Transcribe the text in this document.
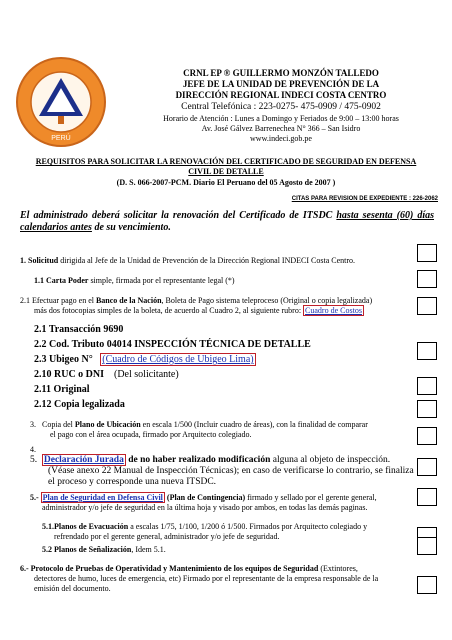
PERÚ
CRNL EP ® GUILLERMO MONZÓN TALLEDO
JEFE DE LA UNIDAD DE PREVENCIÓN DE LA
DIRECCIÓN REGIONAL INDECI COSTA CENTRO
Central Telefónica : 223-0275- 475-0909 / 475-0902
Horario de Atención : Lunes a Domingo y Feriados de 9:00 – 13:00 horas
Av. José Gálvez Barrenechea N° 366 – San Isidro
www.indeci.gob.pe
REQUISITOS PARA SOLICITAR LA RENOVACIÓN DEL CERTIFICADO DE SEGURIDAD EN DEFENSA
CIVIL DE DETALLE
(D. S. 066-2007-PCM. Diario El Peruano del 05 Agosto de 2007 )
CITAS PARA REVISION DE EXPEDIENTE : 226-2062
El administrado deberá solicitar la renovación del Certificado de ITSDC hasta sesenta (60) días calendarios antes de su vencimiento.
1. Solicitud dirigida al Jefe de la Unidad de Prevención de la Dirección Regional INDECI Costa Centro.
1.1 Carta Poder simple, firmada por el representante legal (*)
2.1 Efectuar pago en el Banco de la Nación, Boleta de Pago sistema teleproceso (Original o copia legalizada)
más dos fotocopias simples de la boleta, de acuerdo al Cuadro 2, al siguiente rubro: Cuadro de Costos
2.1 Transacción 9690
2.2 Cod. Tributo 04014 INSPECCIÓN TÉCNICA DE DETALLE
2.3 Ubigeo N° (Cuadro de Códigos de Ubigeo Lima)
2.10 RUC o DNI (Del solicitante)
2.11 Original
2.12 Copia legalizada
3. Copia del Plano de Ubicación en escala 1/500 (Incluir cuadro de áreas), con la finalidad de comparar
el pago con el área ocupada, firmado por Arquitecto colegiado.
4.
5. Declaración Jurada de no haber realizado modificación alguna al objeto de inspección.
(Véase anexo 22 Manual de Inspección Técnicas); en caso de verificarse lo contrario, se finaliza
el proceso y corresponde una nueva ITSDC.
5.- Plan de Seguridad en Defensa Civil (Plan de Contingencia) firmado y sellado por el gerente general,
administrador y/o jefe de seguridad en la última hoja y visado por ambos, en todas las demás paginas.
5.1.Planos de Evacuación a escalas 1/75, 1/100, 1/200 ó 1/500. Firmados por Arquitecto colegiado y
refrendado por el gerente general, administrador y/o jefe de seguridad.
5.2 Planos de Señalización, Idem 5.1.
6.- Protocolo de Pruebas de Operatividad y Mantenimiento de los equipos de Seguridad (Extintores,
detectores de humo, luces de emergencia, etc) Firmado por el representante de la empresa responsable de la
emisión del documento.
